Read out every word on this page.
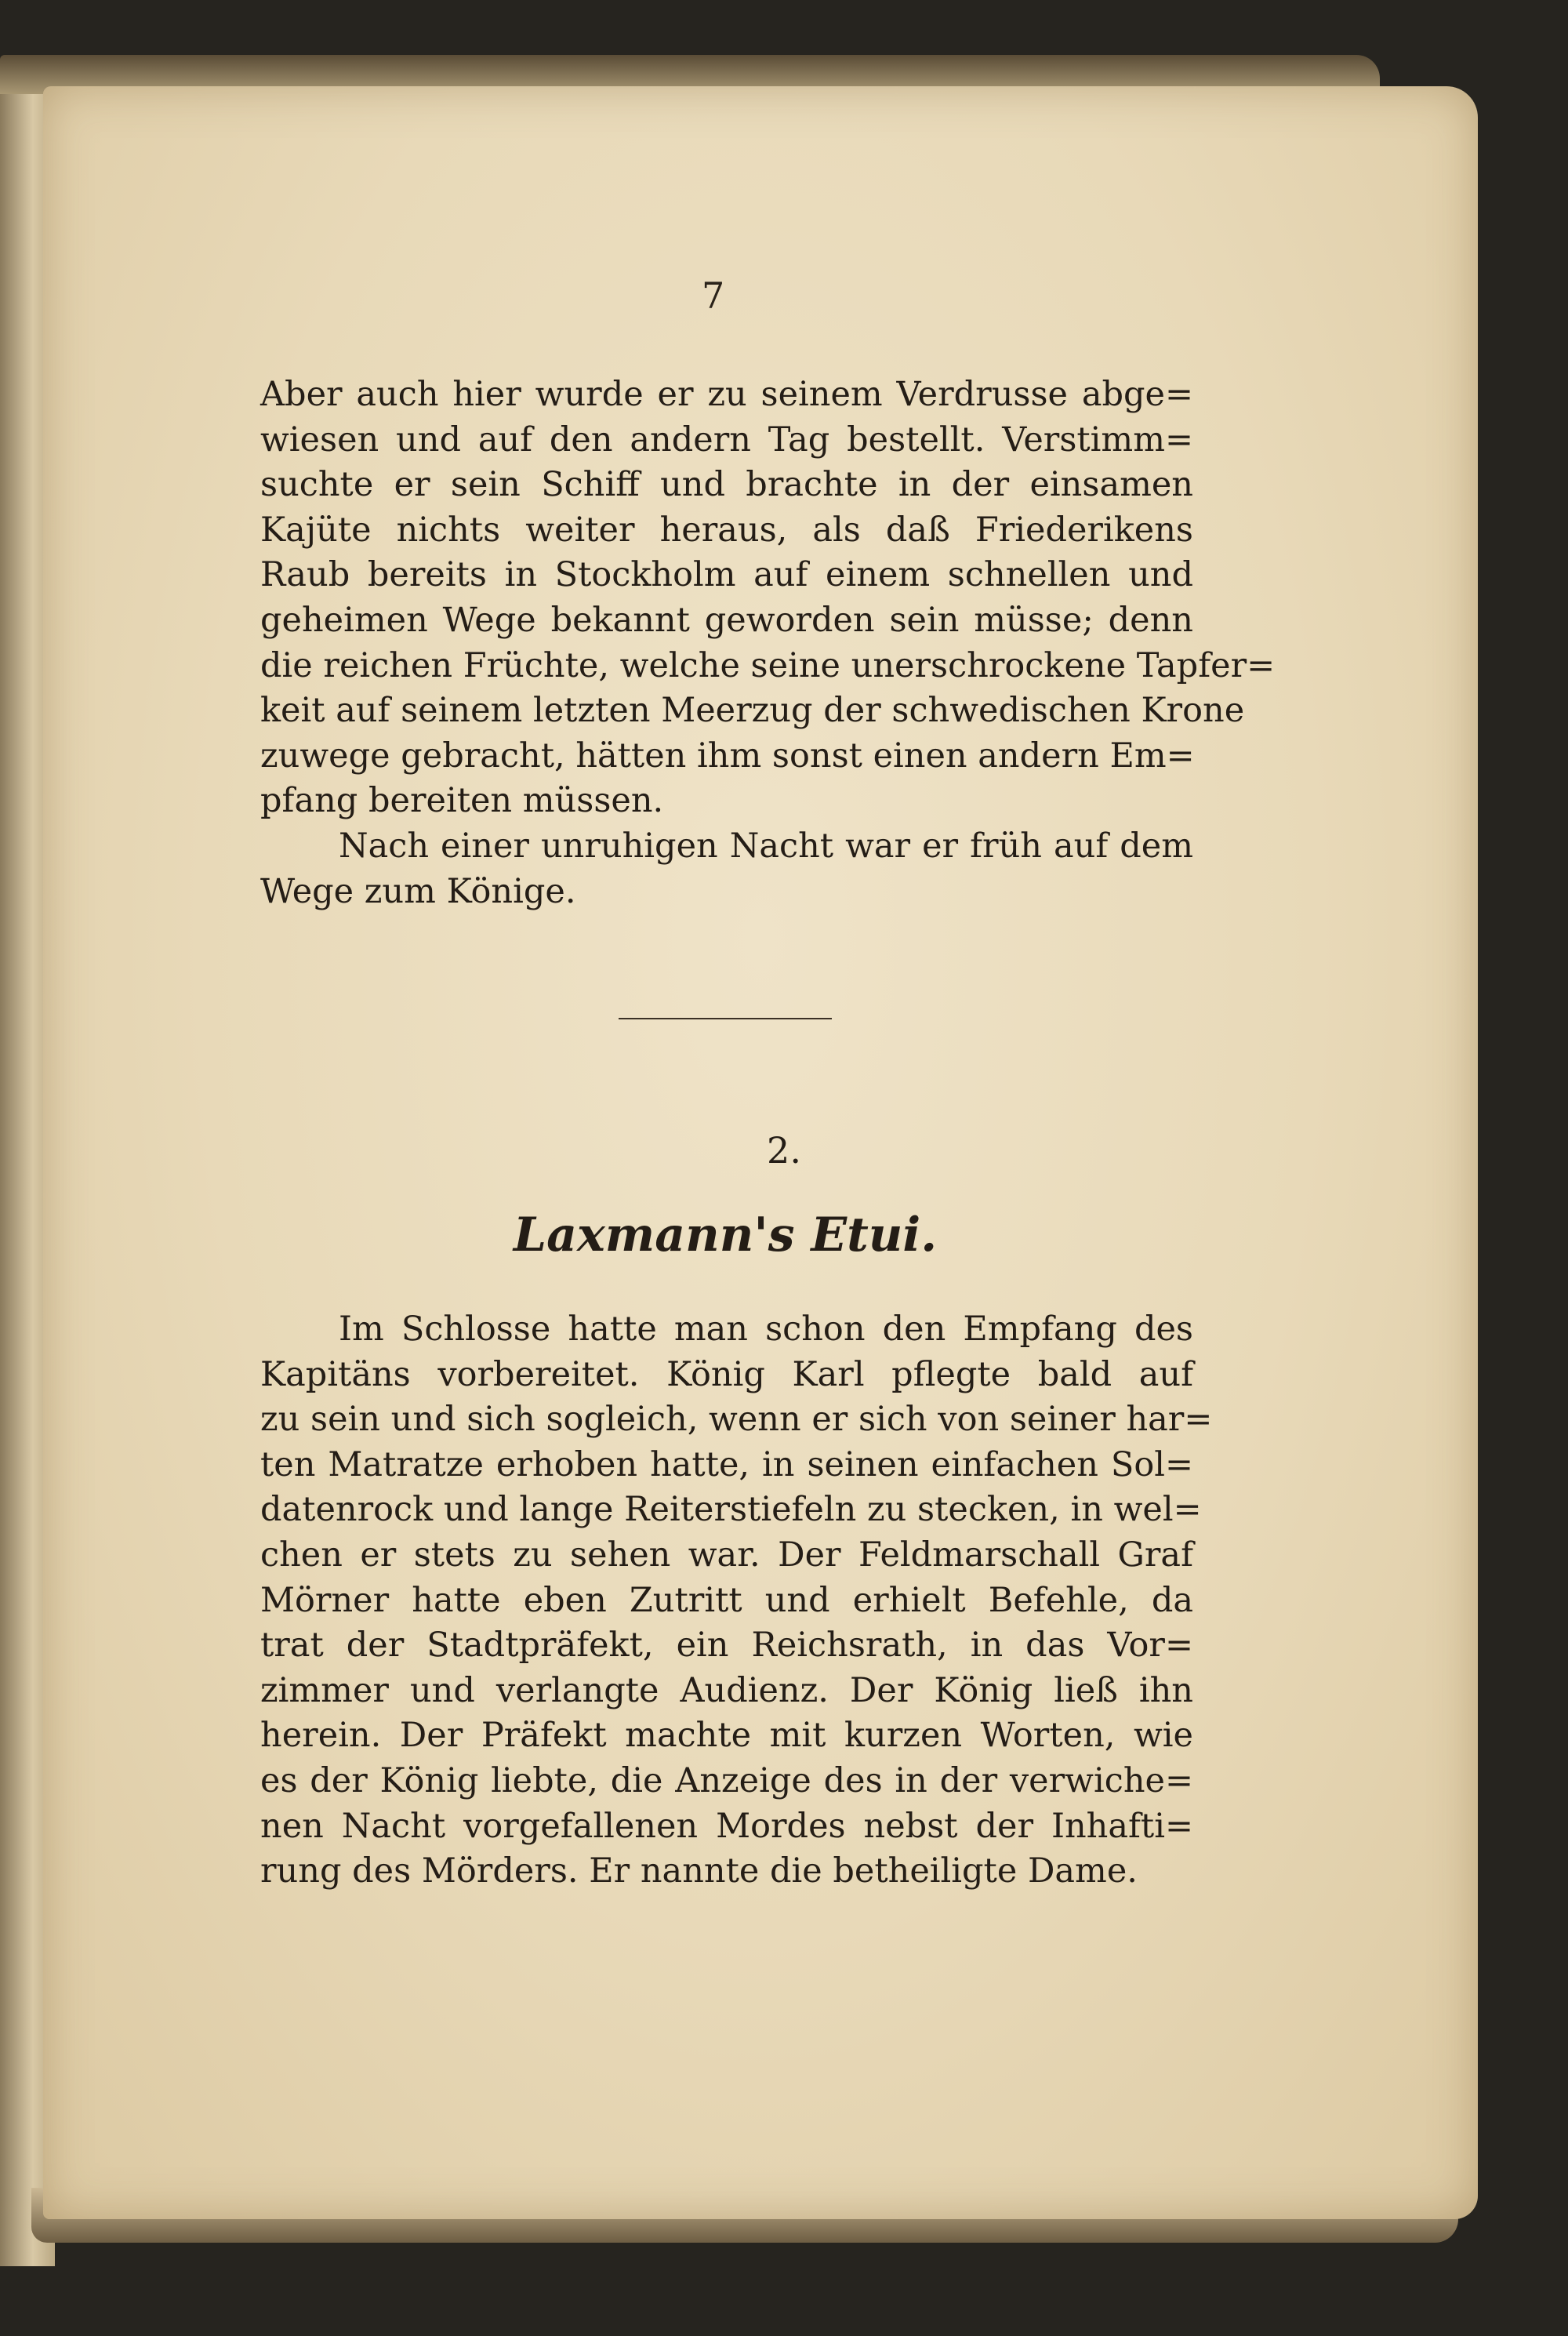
7
Aber auch hier wurde er zu seinem Verdrusse abge=
wiesen und auf den andern Tag bestellt. Verstimm=
suchte er sein Schiff und brachte in der einsamen
Kajüte nichts weiter heraus, als daß Friederikens
Raub bereits in Stockholm auf einem schnellen und
geheimen Wege bekannt geworden sein müsse; denn
die reichen Früchte, welche seine unerschrockene Tapfer=
keit auf seinem letzten Meerzug der schwedischen Krone
zuwege gebracht, hätten ihm sonst einen andern Em=
pfang bereiten müssen.
Nach einer unruhigen Nacht war er früh auf dem
Wege zum Könige.
Im Schlosse hatte man schon den Empfang des
Kapitäns vorbereitet. König Karl pflegte bald auf
zu sein und sich sogleich, wenn er sich von seiner har=
ten Matratze erhoben hatte, in seinen einfachen Sol=
datenrock und lange Reiterstiefeln zu stecken, in wel=
chen er stets zu sehen war. Der Feldmarschall Graf
Mörner hatte eben Zutritt und erhielt Befehle, da
trat der Stadtpräfekt, ein Reichsrath, in das Vor=
zimmer und verlangte Audienz. Der König ließ ihn
herein. Der Präfekt machte mit kurzen Worten, wie
es der König liebte, die Anzeige des in der verwiche=
nen Nacht vorgefallenen Mordes nebst der Inhafti=
rung des Mörders. Er nannte die betheiligte Dame.
2.
Laxmann's Etui.
